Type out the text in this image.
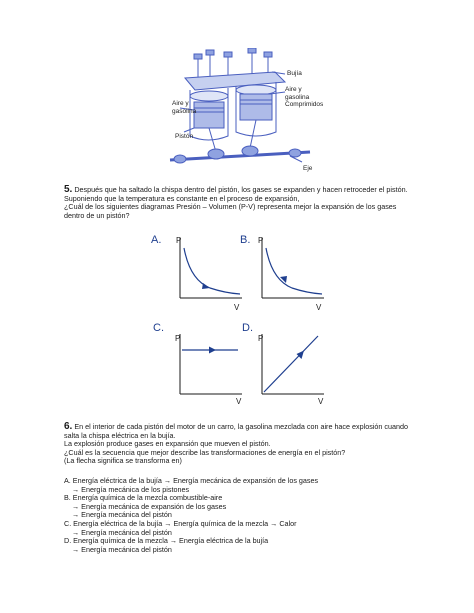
Bujía
Aire y
gasolina
Comprimidos
Aire y
gasolina
Pistón
Eje
5. Después que ha saltado la chispa dentro del pistón, los gases se expanden y hacen retroceder el pistón.
Suponiendo que la temperatura es constante en el proceso de expansión,
¿Cuál de los siguientes diagramas Presión – Volumen (P-V) representa mejor la expansión de los gases
dentro de un pistón?
A. P
V
B. P
V
C.
P
V
D.
P
V
6. En el interior de cada pistón del motor de un carro, la gasolina mezclada con aire hace explosión cuando
salta la chispa eléctrica en la bujía.
La explosión produce gases en expansión que mueven el pistón.
¿Cuál es la secuencia que mejor describe las transformaciones de energía en el pistón?
(La flecha significa se transforma en)
A. Energía eléctrica de la bujía → Energía mecánica de expansión de los gases
→ Energía mecánica de los pistones
B. Energía química de la mezcla combustible-aire
→ Energía mecánica de expansión de los gases
→ Energía mecánica del pistón
C. Energía eléctrica de la bujía → Energía química de la mezcla → Calor
→ Energía mecánica del pistón
D. Energía química de la mezcla → Energía eléctrica de la bujía
→ Energía mecánica del pistón
